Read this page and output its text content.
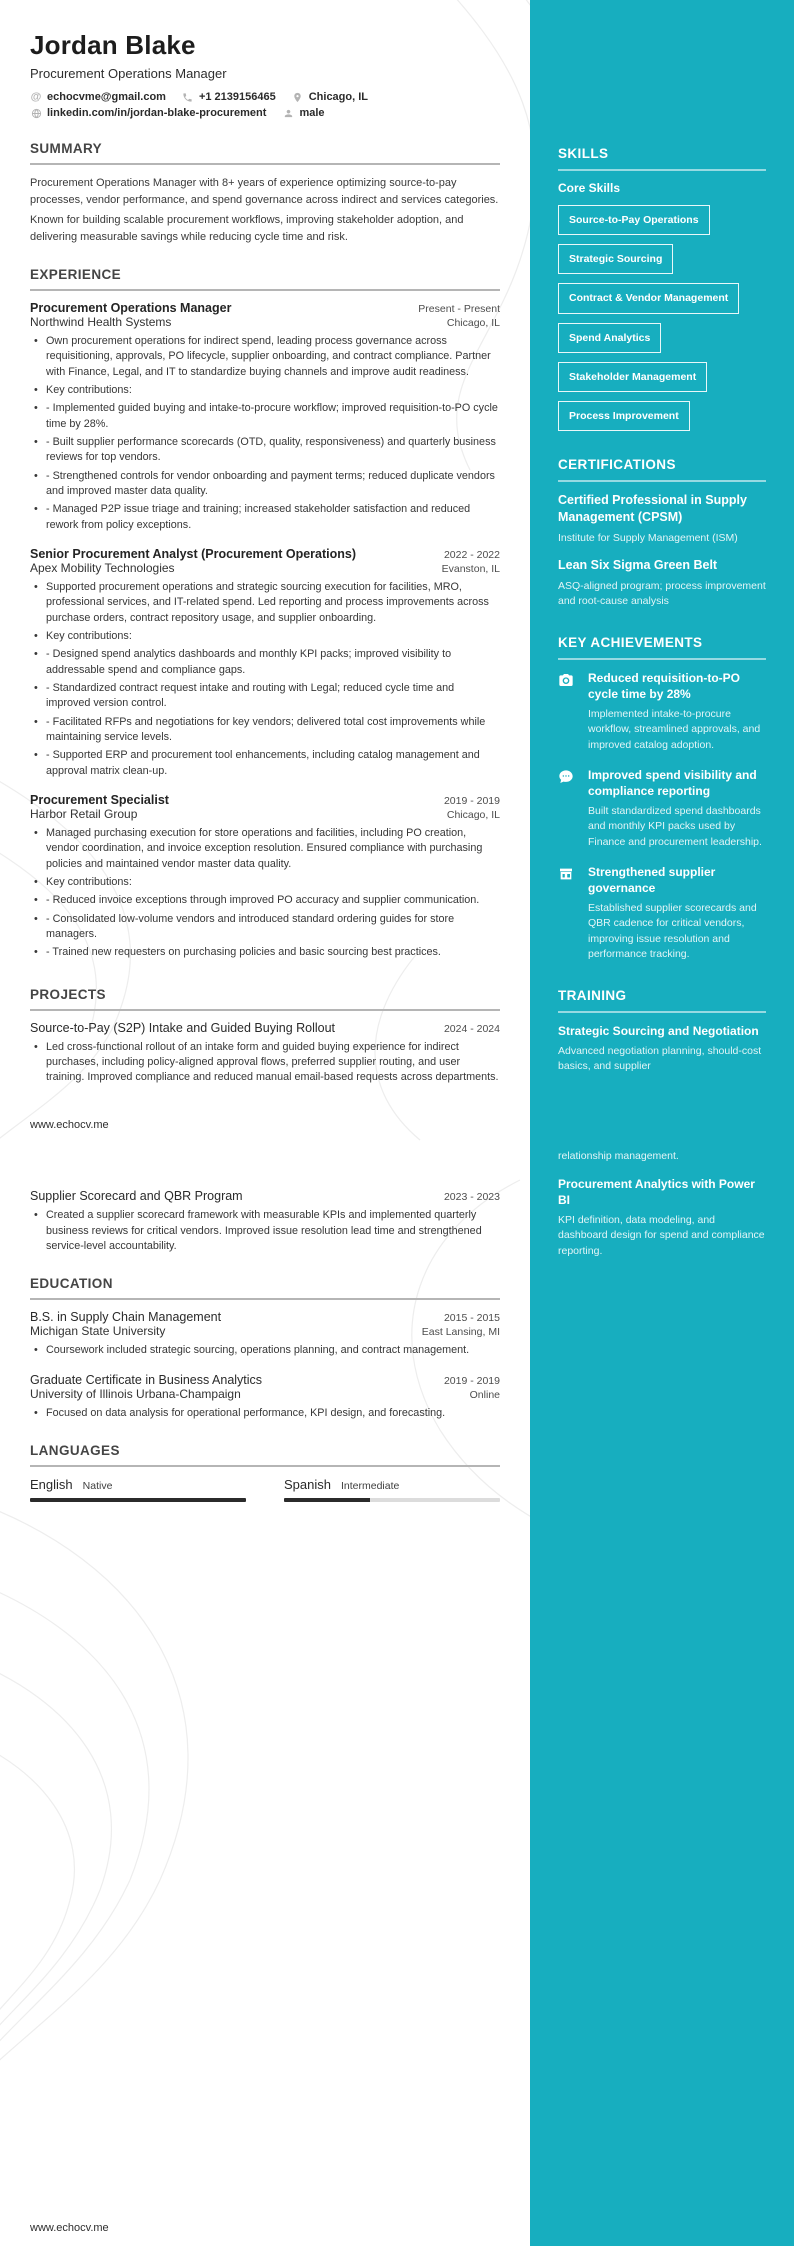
Jordan Blake
Procurement Operations Manager
@ echocvme@gmail.com	+1 2139156465	Chicago, IL
linkedin.com/in/jordan-blake-procurement	male
SUMMARY

Procurement Operations Manager with 8+ years of experience optimizing source-to-pay processes, vendor performance, and spend governance across indirect and services categories.

Known for building scalable procurement workflows, improving stakeholder adoption, and delivering measurable savings while reducing cycle time and risk.

EXPERIENCE
Procurement Operations Manager	Present - Present
Northwind Health Systems	Chicago, IL
• Own procurement operations for indirect spend, leading process governance across requisitioning, approvals, PO lifecycle, supplier onboarding, and contract compliance. Partner with Finance, Legal, and IT to standardize buying channels and improve audit readiness.
• Key contributions:
• - Implemented guided buying and intake-to-procure workflow; improved requisition-to-PO cycle time by 28%.
• - Built supplier performance scorecards (OTD, quality, responsiveness) and quarterly business reviews for top vendors.
• - Strengthened controls for vendor onboarding and payment terms; reduced duplicate vendors and improved master data quality.
• - Managed P2P issue triage and training; increased stakeholder satisfaction and reduced rework from policy exceptions.
Senior Procurement Analyst (Procurement Operations)	2022 - 2022
Apex Mobility Technologies	Evanston, IL
• Supported procurement operations and strategic sourcing execution for facilities, MRO, professional services, and IT-related spend. Led reporting and process improvements across purchase orders, contract repository usage, and supplier onboarding.
• Key contributions:
• - Designed spend analytics dashboards and monthly KPI packs; improved visibility to addressable spend and compliance gaps.
• - Standardized contract request intake and routing with Legal; reduced cycle time and improved version control.
• - Facilitated RFPs and negotiations for key vendors; delivered total cost improvements while maintaining service levels.
• - Supported ERP and procurement tool enhancements, including catalog management and approval matrix clean-up.
Procurement Specialist	2019 - 2019
Harbor Retail Group	Chicago, IL
• Managed purchasing execution for store operations and facilities, including PO creation, vendor coordination, and invoice exception resolution. Ensured compliance with purchasing policies and maintained vendor master data quality.
• Key contributions:
• - Reduced invoice exceptions through improved PO accuracy and supplier communication.
• - Consolidated low-volume vendors and introduced standard ordering guides for store managers.
• - Trained new requesters on purchasing policies and basic sourcing best practices.
PROJECTS
Source-to-Pay (S2P) Intake and Guided Buying Rollout	2024 - 2024
• Led cross-functional rollout of an intake form and guided buying experience for indirect purchases, including policy-aligned approval flows, preferred supplier routing, and user training. Improved compliance and reduced manual email-based requests across departments.
www.echocv.me
Supplier Scorecard and QBR Program	2023 - 2023
• Created a supplier scorecard framework with measurable KPIs and implemented quarterly business reviews for critical vendors. Improved issue resolution lead time and strengthened service-level accountability.
EDUCATION
B.S. in Supply Chain Management	2015 - 2015
Michigan State University	East Lansing, MI
• Coursework included strategic sourcing, operations planning, and contract management.
Graduate Certificate in Business Analytics	2019 - 2019
University of Illinois Urbana-Champaign	Online
• Focused on data analysis for operational performance, KPI design, and forecasting.
LANGUAGES
English Native	Spanish Intermediate
www.echocv.me
SKILLS
Core Skills
Source-to-Pay Operations
Strategic Sourcing
Contract & Vendor Management
Spend Analytics
Stakeholder Management
Process Improvement
CERTIFICATIONS
Certified Professional in Supply Management (CPSM)
Institute for Supply Management (ISM)
Lean Six Sigma Green Belt
ASQ-aligned program; process improvement and root-cause analysis
KEY ACHIEVEMENTS
Reduced requisition-to-PO cycle time by 28%
Implemented intake-to-procure workflow, streamlined approvals, and improved catalog adoption.
Improved spend visibility and compliance reporting
Built standardized spend dashboards and monthly KPI packs used by Finance and procurement leadership.
Strengthened supplier governance
Established supplier scorecards and QBR cadence for critical vendors, improving issue resolution and performance tracking.
TRAINING
Strategic Sourcing and Negotiation
Advanced negotiation planning, should-cost basics, and supplier
relationship management.
Procurement Analytics with Power BI
KPI definition, data modeling, and dashboard design for spend and compliance reporting.
